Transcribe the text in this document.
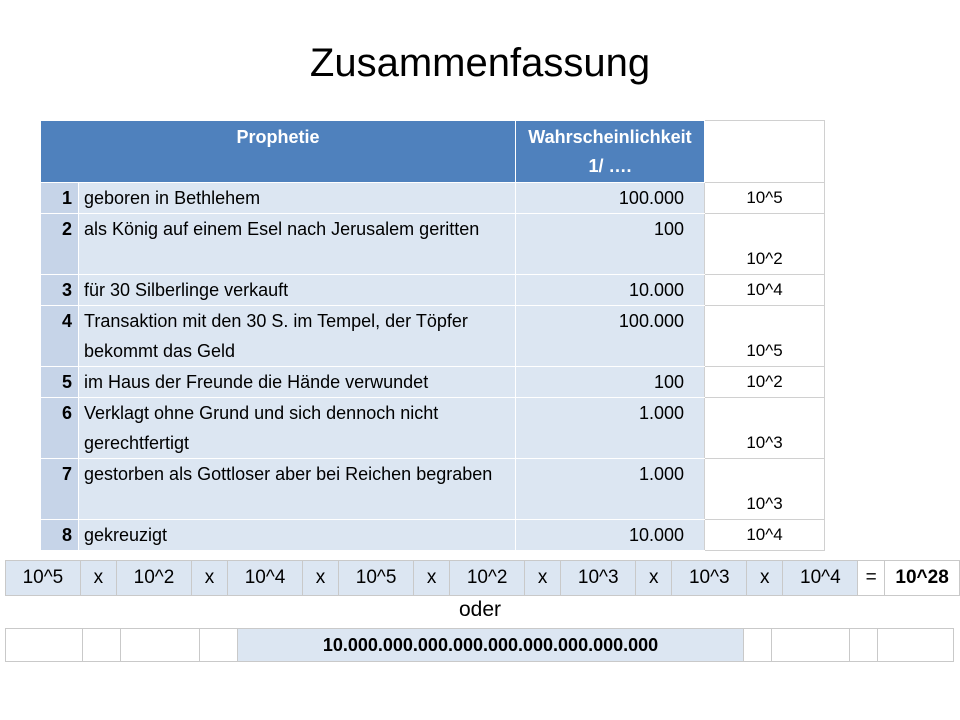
Zusammenfassung
Prophetie		Wahrscheinlichkeit
1/ ….	

1	geboren in Bethlehem	100.000	10^5
2	als König auf einem Esel nach Jerusalem geritten	100	10^2
3	für 30 Silberlinge verkauft	10.000	10^4
4	Transaktion mit den 30 S. im Tempel, der Töpfer bekommt das Geld	100.000	10^5
5	im Haus der Freunde die Hände verwundet	100	10^2
6	Verklagt ohne Grund und sich dennoch nicht gerechtfertigt	1.000	10^3
7	gestorben als Gottloser aber bei Reichen begraben	1.000	10^3
8	gekreuzigt	10.000	10^4
10^5	x	10^2	x	10^4	x	10^5	x	10^2	x	10^3	x	10^3	x	10^4	=	10^28
oder
				10.000.000.000.000.000.000.000.000.000				
